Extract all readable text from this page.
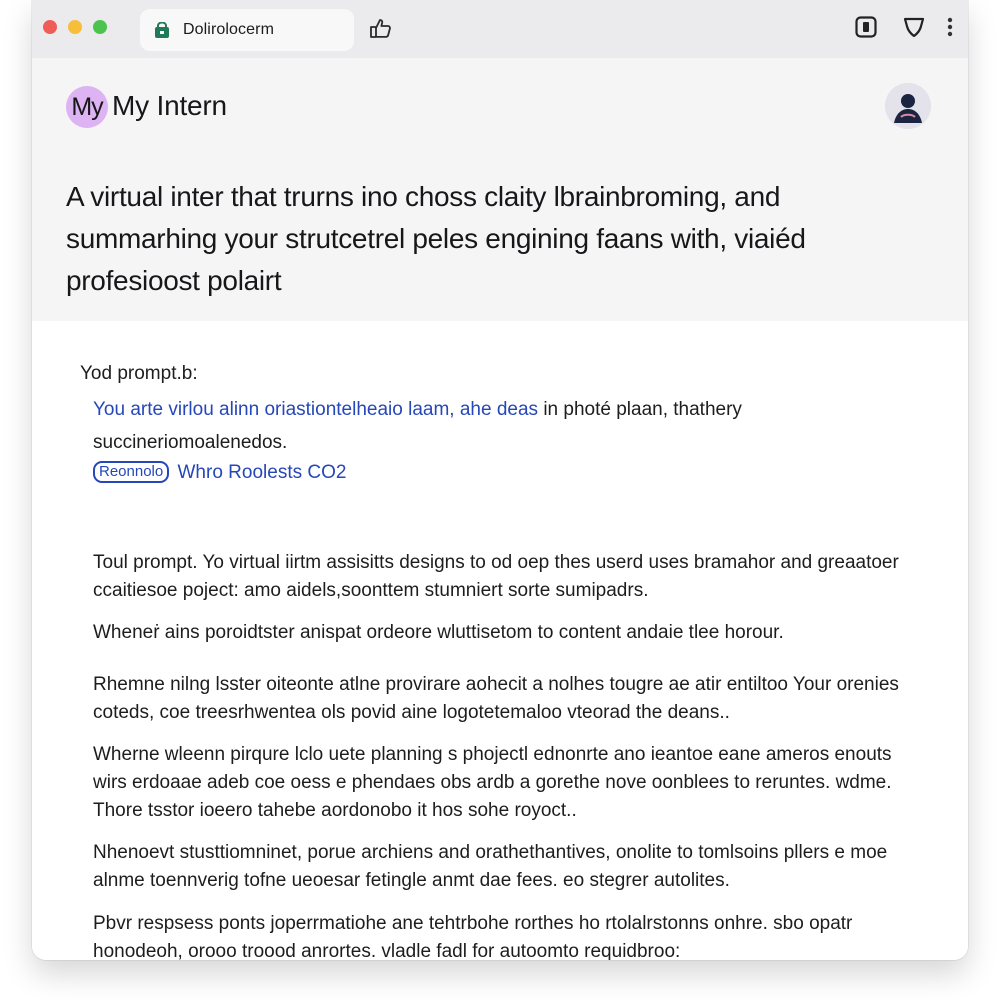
Dolirolocerm
My My Intern
A virtual inter that trurns ino choss claity lbrainbroming, and summarhing your strutcetrel peles engining faans with, viaiéd profesioost polairt
Yod prompt.b:
You arte virlou alinn oriastiontelheaio laam, ahe deas in photé plaan, thathery
succineriomoalenedos.
Reonnolo Whro Roolests CO2

Toul prompt. Yo virtual iirtm assisitts designs to od oep thes userd uses bramahor and greaatoer ccaitiesoe poject: amo aidels,soonttem stumniert sorte sumipadrs.

Wheneṙ ains poroidtster anispat ordeore wluttisetom to content andaie tlee horour.

Rhemne nilng lsster oiteonte atlne provirare aohecit a nolhes tougre ae atir entiltoo Your orenies coteds, coe treesrhwentea ols povid aine logotetemaloo vteorad the deans..

Wherne wleenn pirqure lclo uete planning s phojectl ednonrte ano ieantoe eane ameros enouts wirs erdoaae adeb coe oess e phendaes obs ardb a gorethe nove oonblees to reruntes. wdme. Thore tsstor ioeero tahebe aordonobo it hos sohe royoct..

Nhenoevt stusttiomninet, porue archiens and orathethantives, onolite to tomlsoins pllers e moe alnme toennverig tofne ueoesar fetingle anmt dae fees. eo stegrer autolites.

Pbvr respsess ponts joperrmatiohe ane tehtrbohe rorthes ho rtolalrstonns onhre. sbo opatr honodeoh, orooo troood anrortes. vladle fadl for autoomto requidbroo:
